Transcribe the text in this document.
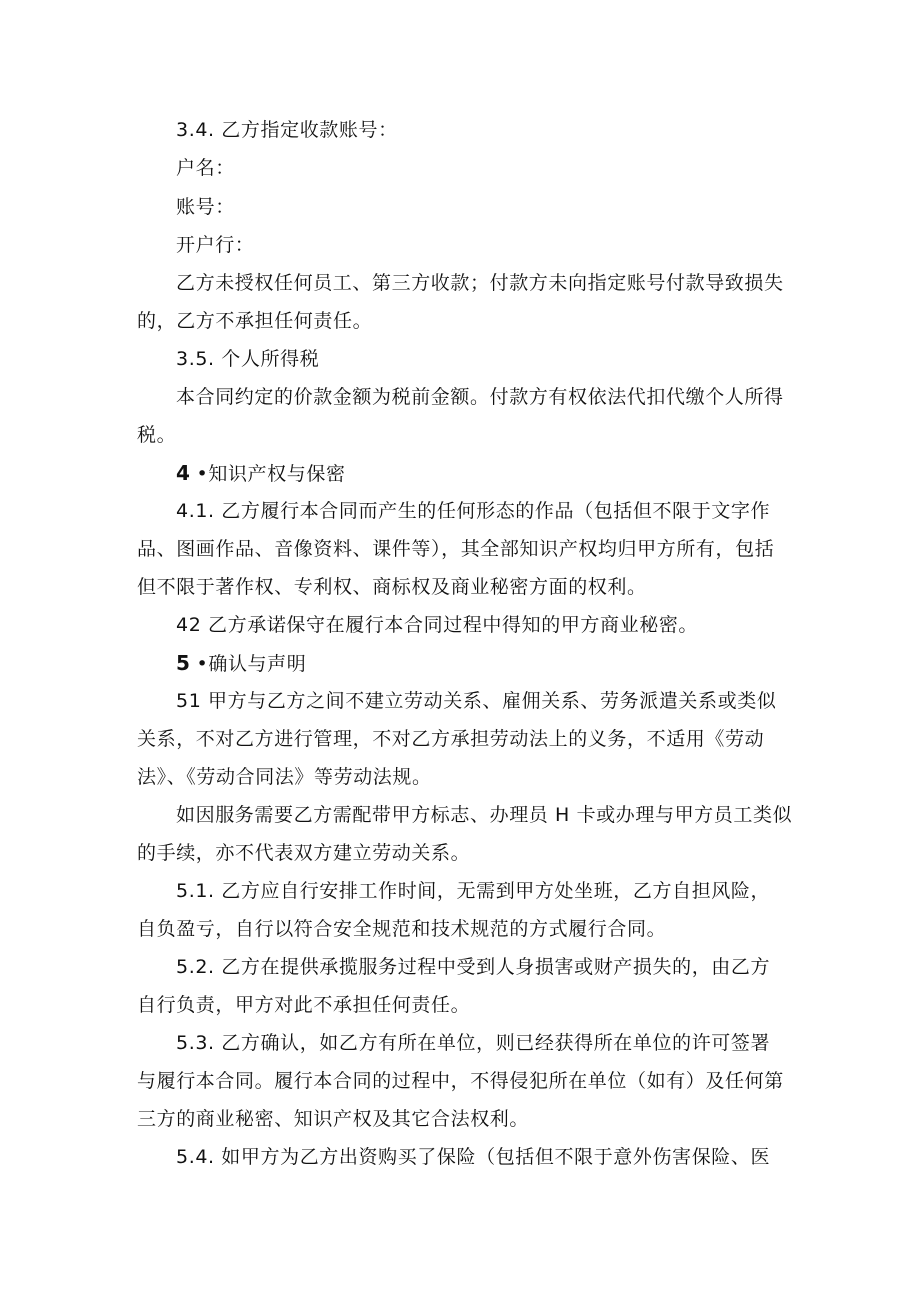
3.4. 乙方指定收款账号：
户名：
账号：
开户行：
乙方未授权任何员工、第三方收款；付款方未向指定账号付款导致损失
的，乙方不承担任何责任。
3.5. 个人所得税
本合同约定的价款金额为税前金额。付款方有权依法代扣代缴个人所得
税。
4 •知识产权与保密
4.1. 乙方履行本合同而产生的任何形态的作品（包括但不限于文字作
品、图画作品、音像资料、课件等），其全部知识产权均归甲方所有，包括
但不限于著作权、专利权、商标权及商业秘密方面的权利。
42 乙方承诺保守在履行本合同过程中得知的甲方商业秘密。
5 •确认与声明
51 甲方与乙方之间不建立劳动关系、雇佣关系、劳务派遣关系或类似
关系，不对乙方进行管理，不对乙方承担劳动法上的义务，不适用《劳动
法》、《劳动合同法》等劳动法规。
如因服务需要乙方需配带甲方标志、办理员 H 卡或办理与甲方员工类似
的手续，亦不代表双方建立劳动关系。
5.1. 乙方应自行安排工作时间，无需到甲方处坐班，乙方自担风险，
自负盈亏，自行以符合安全规范和技术规范的方式履行合同。
5.2. 乙方在提供承揽服务过程中受到人身损害或财产损失的，由乙方
自行负责，甲方对此不承担任何责任。
5.3. 乙方确认，如乙方有所在单位，则已经获得所在单位的许可签署
与履行本合同。履行本合同的过程中，不得侵犯所在单位（如有）及任何第
三方的商业秘密、知识产权及其它合法权利。
5.4. 如甲方为乙方出资购买了保险（包括但不限于意外伤害保险、医
